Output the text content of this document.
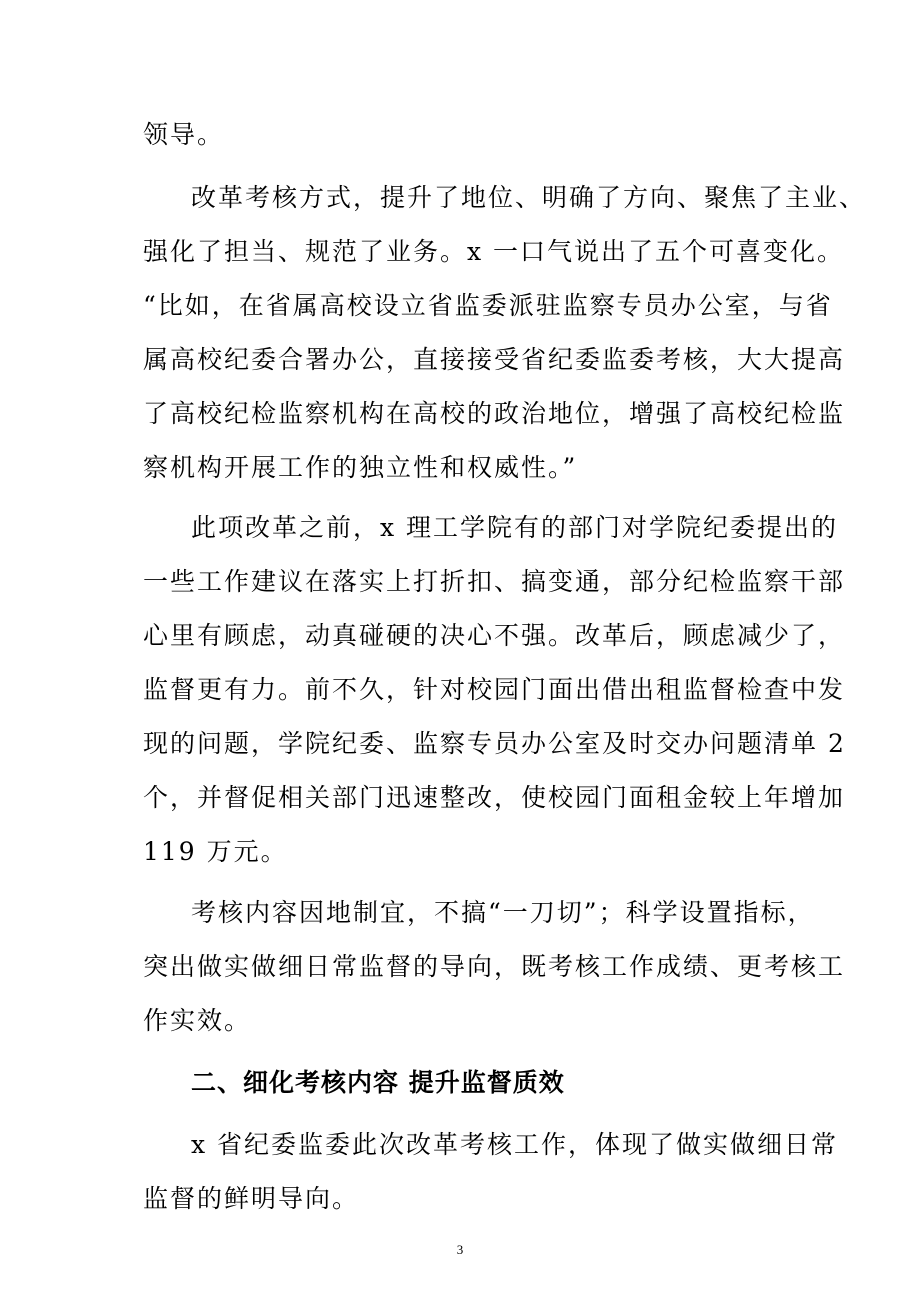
领导。
改革考核方式，提升了地位、明确了方向、聚焦了主业、
强化了担当、规范了业务。x 一口气说出了五个可喜变化。
“比如，在省属高校设立省监委派驻监察专员办公室，与省
属高校纪委合署办公，直接接受省纪委监委考核，大大提高
了高校纪检监察机构在高校的政治地位，增强了高校纪检监
察机构开展工作的独立性和权威性。”
此项改革之前，x 理工学院有的部门对学院纪委提出的
一些工作建议在落实上打折扣、搞变通，部分纪检监察干部
心里有顾虑，动真碰硬的决心不强。改革后，顾虑减少了，
监督更有力。前不久，针对校园门面出借出租监督检查中发
现的问题，学院纪委、监察专员办公室及时交办问题清单 2
个，并督促相关部门迅速整改，使校园门面租金较上年增加
119 万元。
考核内容因地制宜，不搞“一刀切”；科学设置指标，
突出做实做细日常监督的导向，既考核工作成绩、更考核工
作实效。
二、细化考核内容 提升监督质效
x 省纪委监委此次改革考核工作，体现了做实做细日常
监督的鲜明导向。
3
